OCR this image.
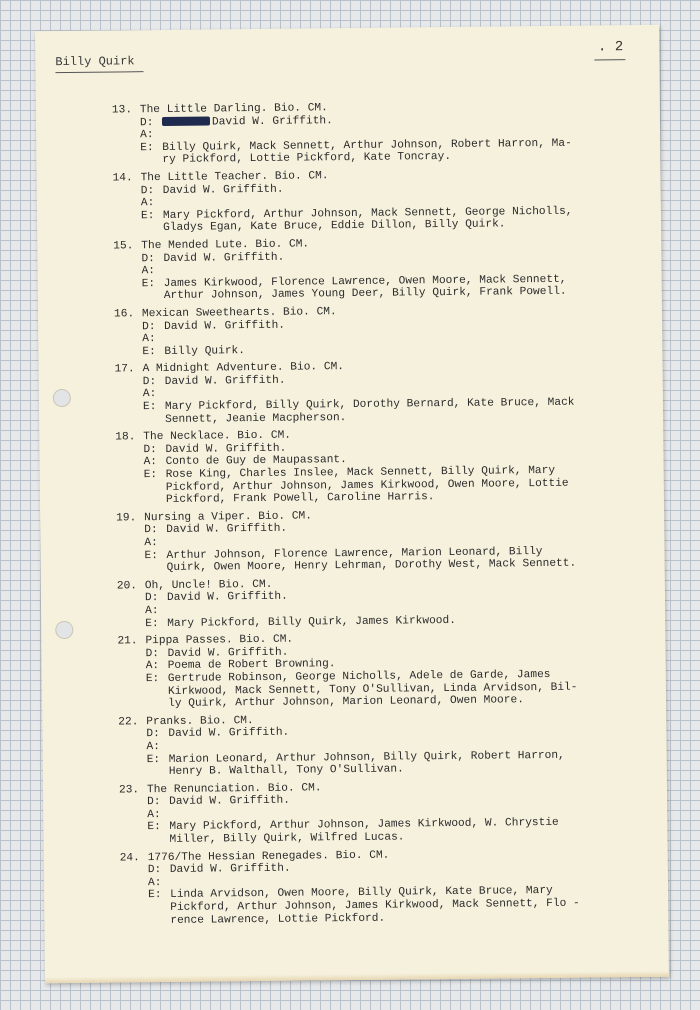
Billy Quirk
. 2
13. The Little Darling. Bio. CM.
D:	David W. Griffith.
A:
E: Billy Quirk, Mack Sennett, Arthur Johnson, Robert Harron, Ma-
ry Pickford, Lottie Pickford, Kate Toncray.
14. The Little Teacher. Bio. CM.
D: David W. Griffith.
A:
E: Mary Pickford, Arthur Johnson, Mack Sennett, George Nicholls,
Gladys Egan, Kate Bruce, Eddie Dillon, Billy Quirk.
15. The Mended Lute. Bio. CM.
D: David W. Griffith.
A:
E: James Kirkwood, Florence Lawrence, Owen Moore, Mack Sennett,
Arthur Johnson, James Young Deer, Billy Quirk, Frank Powell.
16. Mexican Sweethearts. Bio. CM.
D: David W. Griffith.
A:
E: Billy Quirk.
17. A Midnight Adventure. Bio. CM.
D: David W. Griffith.
A:
E: Mary Pickford, Billy Quirk, Dorothy Bernard, Kate Bruce, Mack
Sennett, Jeanie Macpherson.
18. The Necklace. Bio. CM.
D: David W. Griffith.
A: Conto de Guy de Maupassant.
E: Rose King, Charles Inslee, Mack Sennett, Billy Quirk, Mary
Pickford, Arthur Johnson, James Kirkwood, Owen Moore, Lottie
Pickford, Frank Powell, Caroline Harris.
19. Nursing a Viper. Bio. CM.
D: David W. Griffith.
A:
E: Arthur Johnson, Florence Lawrence, Marion Leonard, Billy
Quirk, Owen Moore, Henry Lehrman, Dorothy West, Mack Sennett.
20. Oh, Uncle! Bio. CM.
D: David W. Griffith.
A:
E: Mary Pickford, Billy Quirk, James Kirkwood.
21. Pippa Passes. Bio. CM.
D: David W. Griffith.
A: Poema de Robert Browning.
E: Gertrude Robinson, George Nicholls, Adele de Garde, James
Kirkwood, Mack Sennett, Tony O'Sullivan, Linda Arvidson, Bil-
ly Quirk, Arthur Johnson, Marion Leonard, Owen Moore.
22. Pranks. Bio. CM.
D: David W. Griffith.
A:
E: Marion Leonard, Arthur Johnson, Billy Quirk, Robert Harron,
Henry B. Walthall, Tony O'Sullivan.
23. The Renunciation. Bio. CM.
D: David W. Griffith.
A:
E: Mary Pickford, Arthur Johnson, James Kirkwood, W. Chrystie
Miller, Billy Quirk, Wilfred Lucas.
24. 1776/The Hessian Renegades. Bio. CM.
D: David W. Griffith.
A:
E: Linda Arvidson, Owen Moore, Billy Quirk, Kate Bruce, Mary
Pickford, Arthur Johnson, James Kirkwood, Mack Sennett, Flo -
rence Lawrence, Lottie Pickford.
